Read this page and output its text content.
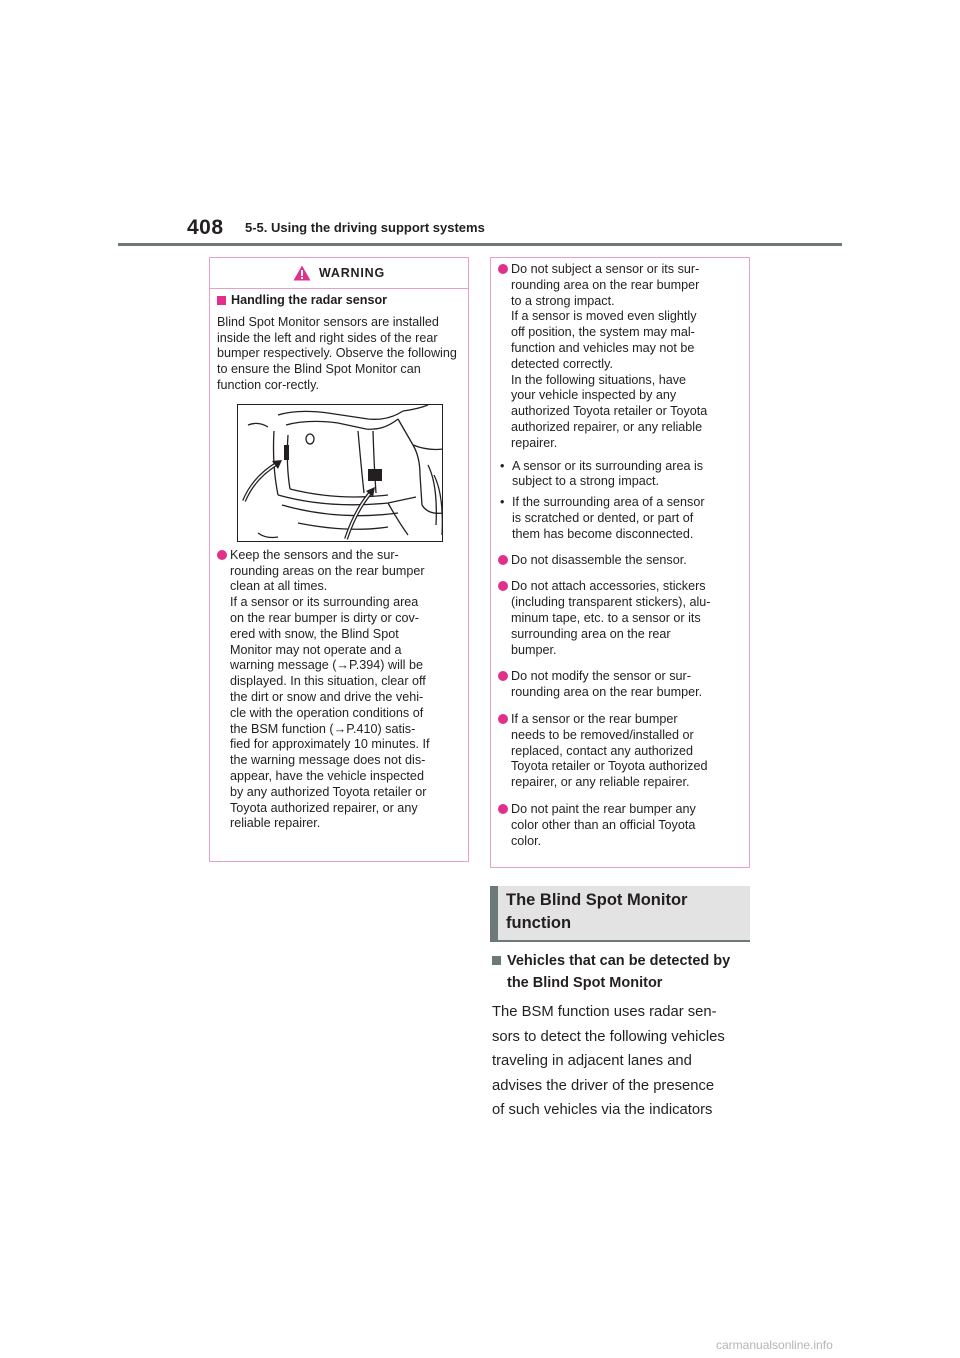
408 5-5. Using the driving support systems
WARNING
Handling the radar sensor
Blind Spot Monitor sensors are installed inside the left and right sides of the rear bumper respectively. Observe the following to ensure the Blind Spot Monitor can function cor-rectly.
Keep the sensors and the sur-
rounding areas on the rear bumper
clean at all times.
If a sensor or its surrounding area
on the rear bumper is dirty or cov-
ered with snow, the Blind Spot
Monitor may not operate and a
warning message (→P.394) will be
displayed. In this situation, clear off
the dirt or snow and drive the vehi-
cle with the operation conditions of
the BSM function (→P.410) satis-
fied for approximately 10 minutes. If
the warning message does not dis-
appear, have the vehicle inspected
by any authorized Toyota retailer or
Toyota authorized repairer, or any
reliable repairer.
Do not subject a sensor or its sur-
rounding area on the rear bumper
to a strong impact.
If a sensor is moved even slightly
off position, the system may mal-
function and vehicles may not be
detected correctly.
In the following situations, have
your vehicle inspected by any
authorized Toyota retailer or Toyota
authorized repairer, or any reliable
repairer.
• A sensor or its surrounding area is
subject to a strong impact.
• If the surrounding area of a sensor
is scratched or dented, or part of
them has become disconnected.
Do not disassemble the sensor.
Do not attach accessories, stickers
(including transparent stickers), alu-
minum tape, etc. to a sensor or its
surrounding area on the rear
bumper.
Do not modify the sensor or sur-
rounding area on the rear bumper.
If a sensor or the rear bumper
needs to be removed/installed or
replaced, contact any authorized
Toyota retailer or Toyota authorized
repairer, or any reliable repairer.
Do not paint the rear bumper any
color other than an official Toyota
color.
The Blind Spot Monitor
function
Vehicles that can be detected by the Blind Spot Monitor
The BSM function uses radar sen-
sors to detect the following vehicles
traveling in adjacent lanes and
advises the driver of the presence
of such vehicles via the indicators
carmanualsonline.info
